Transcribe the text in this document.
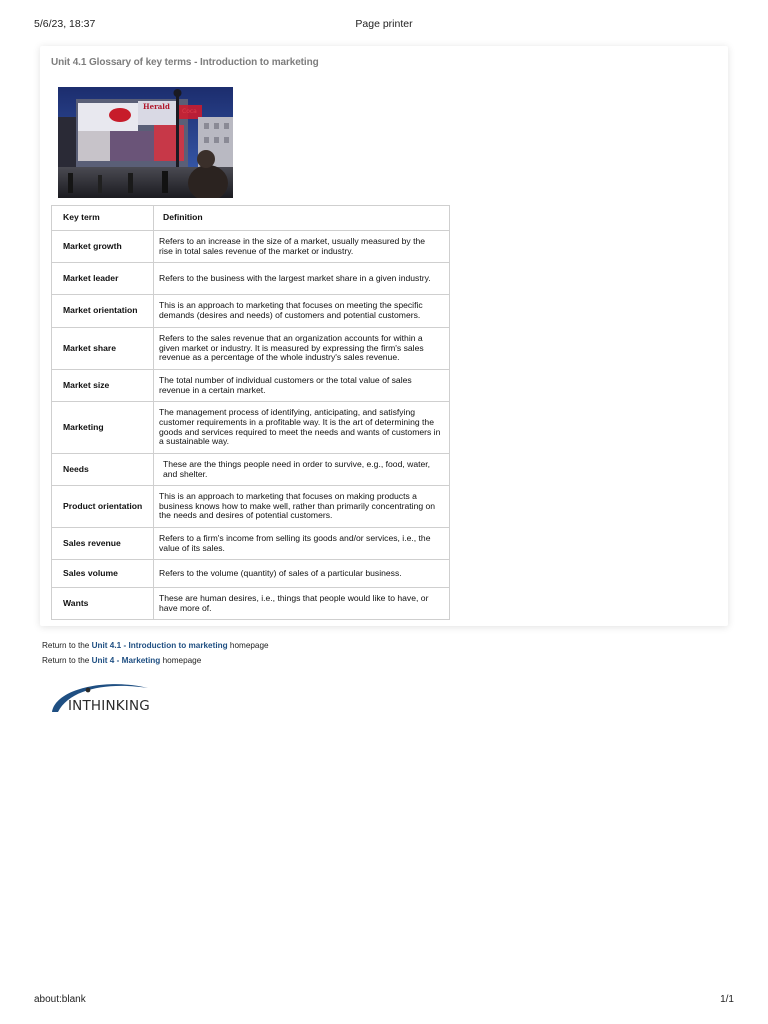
5/6/23, 18:37	Page printer
Unit 4.1 Glossary of key terms - Introduction to marketing
Herald
Key term	Definition
Market growth	Refers to an increase in the size of a market, usually measured by the rise in total sales revenue of the market or industry.
Market leader	Refers to the business with the largest market share in a given industry.
Market orientation	This is an approach to marketing that focuses on meeting the specific demands (desires and needs) of customers and potential customers.
Market share	Refers to the sales revenue that an organization accounts for within a given market or industry. It is measured by expressing the firm's sales revenue as a percentage of the whole industry's sales revenue.
Market size	The total number of individual customers or the total value of sales revenue in a certain market.
Marketing	The management process of identifying, anticipating, and satisfying customer requirements in a profitable way. It is the art of determining the goods and services required to meet the needs and wants of customers in a sustainable way.
Needs	These are the things people need in order to survive, e.g., food, water, and shelter.
Product orientation	This is an approach to marketing that focuses on making products a business knows how to make well, rather than primarily concentrating on the needs and desires of potential customers.
Sales revenue	Refers to a firm's income from selling its goods and/or services, i.e., the value of its sales.
Sales volume	Refers to the volume (quantity) of sales of a particular business.
Wants	These are human desires, i.e., things that people would like to have, or have more of.
Return to the Unit 4.1 - Introduction to marketing homepage
Return to the Unit 4 - Marketing homepage
INTHINKING
about:blank	1/1
